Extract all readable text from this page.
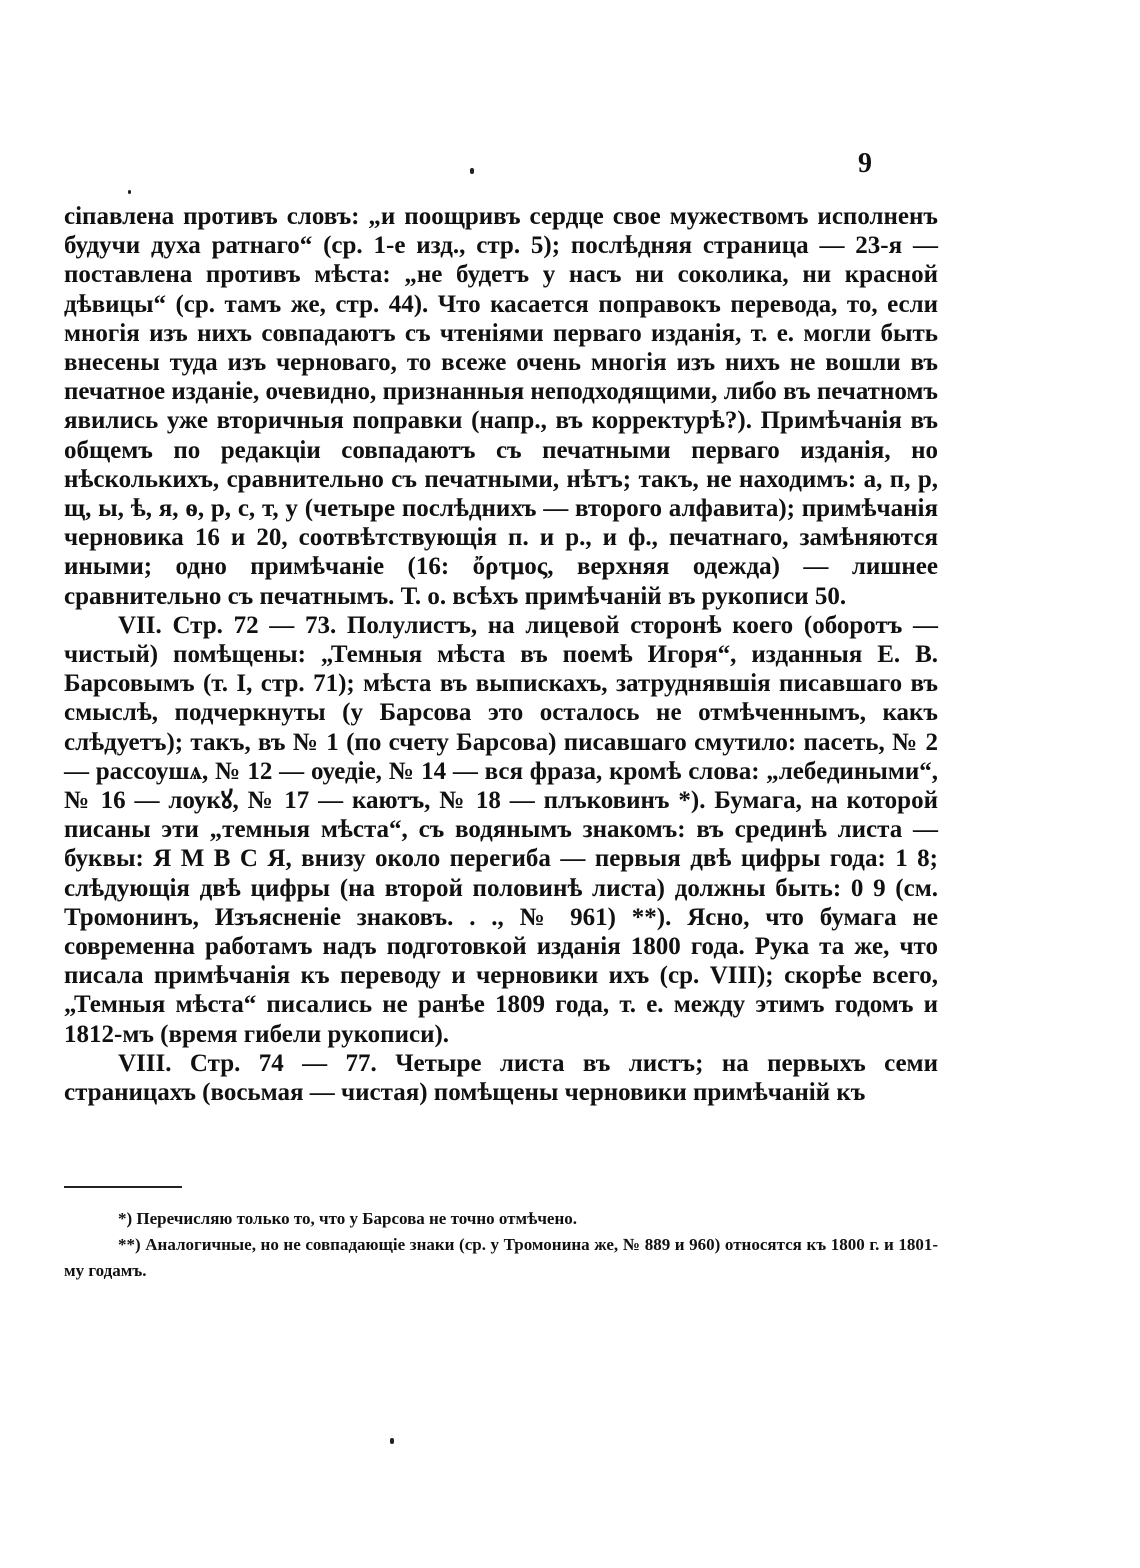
9

сіпавлена противъ словъ: „и поощривъ сердце свое мужествомъ исполненъ будучи духа ратнаго“ (ср. 1-е изд., стр. 5); послѣдняя страница — 23-я — поставлена противъ мѣста: „не будетъ у насъ ни соколика, ни красной дѣвицы“ (ср. тамъ же, стр. 44). Что касается поправокъ перевода, то, если многія изъ нихъ совпадаютъ съ чтеніями перваго изданія, т. е. могли быть внесены туда изъ черноваго, то всеже очень многія изъ нихъ не вошли въ печатное изданіе, очевидно, признанныя неподходящими, либо въ печатномъ явились уже вторичныя поправки (напр., въ корректурѣ?). Примѣчанія въ общемъ по редакціи совпадаютъ съ печатными перваго изданія, но нѣсколькихъ, сравнительно съ печатными, нѣтъ; такъ, не находимъ: а, п, р, щ, ы, ѣ, я, ѳ, р, с, т, у (четыре послѣднихъ — второго алфавита); примѣчанія черновика 16 и 20, соотвѣтствующія п. и р., и ф., печатнаго, замѣняются иными; одно примѣчаніе (16: ὄρτμος, верхняя одежда) — лишнее сравнительно съ печатнымъ. Т. о. всѣхъ примѣчаній въ рукописи 50.

VII. Стр. 72 — 73. Полулистъ, на лицевой сторонѣ коего (оборотъ — чистый) помѣщены: „Темныя мѣста въ поемѣ Игоря“, изданныя Е. В. Барсовымъ (т. I, стр. 71); мѣста въ выпискахъ, затруднявшія писавшаго въ смыслѣ, подчеркнуты (у Барсова это осталось не отмѣченнымъ, какъ слѣдуетъ); такъ, въ № 1 (по счету Барсова) писавшаго смутило: пасеть, № 2 — рассоушѧ, № 12 — оуедіе, № 14 — вся фраза, кромѣ слова: „лебедиными“, № 16 — лоукꙋ, № 17 — каютъ, № 18 — плъковинъ *). Бумага, на которой писаны эти „темныя мѣста“, съ водянымъ знакомъ: въ срединѣ листа — буквы: Я М В С Я, внизу около перегиба — первыя двѣ цифры года: 1 8; слѣдующія двѣ цифры (на второй половинѣ листа) должны быть: 0 9 (см. Тромонинъ, Изъясненіе знаковъ. . ., № 961) **). Ясно, что бумага не современна работамъ надъ подготовкой изданія 1800 года. Рука та же, что писала примѣчанія къ переводу и черновики ихъ (ср. VIII); скорѣе всего, „Темныя мѣста“ писались не ранѣе 1809 года, т. е. между этимъ годомъ и 1812-мъ (время гибели рукописи).

VIII. Стр. 74 — 77. Четыре листа въ листъ; на первыхъ семи страницахъ (восьмая — чистая) помѣщены черновики примѣчаній къ

*) Перечисляю только то, что у Барсова не точно отмѣчено.

**) Аналогичные, но не совпадающіе знаки (ср. у Тромонина же, № 889 и 960) относятся къ 1800 г. и 1801-му годамъ.
